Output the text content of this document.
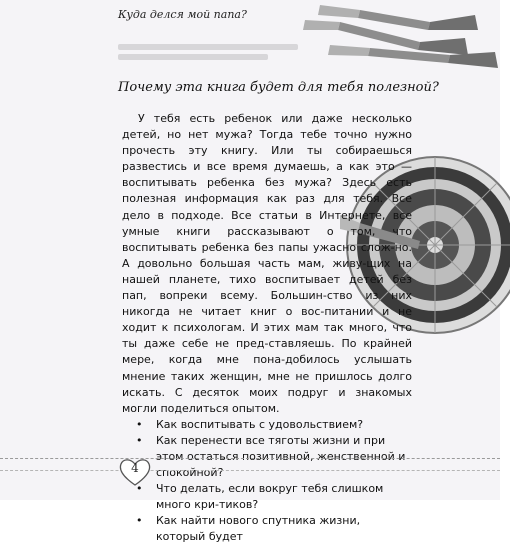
Куда делся мой папа?
Почему эта книга будет для тебя полезной?

У тебя есть ребенок или даже несколько детей, но нет мужа? Тогда тебе точно нужно прочесть эту книгу. Или ты собираешься развестись и все время думаешь, а как это — воспитывать ребенка без мужа? Здесь есть полезная информация как раз для тебя. Все дело в подходе. Все статьи в Интернете, все умные книги рассказывают о том, что воспитывать ребенка без папы ужасно слож-но. А довольно большая часть мам, живу-щих на нашей планете, тихо воспитывает детей без пап, вопреки всему. Большин-ство из них никогда не читает книг о вос-питании и не ходит к психологам. И этих мам так много, что ты даже себе не пред-ставляешь. По крайней мере, когда мне пона-добилось услышать мнение таких женщин, мне не пришлось долго искать. С десяток моих подруг и знакомых могли поделиться опытом.

• Как воспитывать с удовольствием?
• Как перенести все тяготы жизни и при этом остаться позитивной, женственной и спокойной?
• Что делать, если вокруг тебя слишком много кри-тиков?
• Как найти нового спутника жизни, который будет
4
